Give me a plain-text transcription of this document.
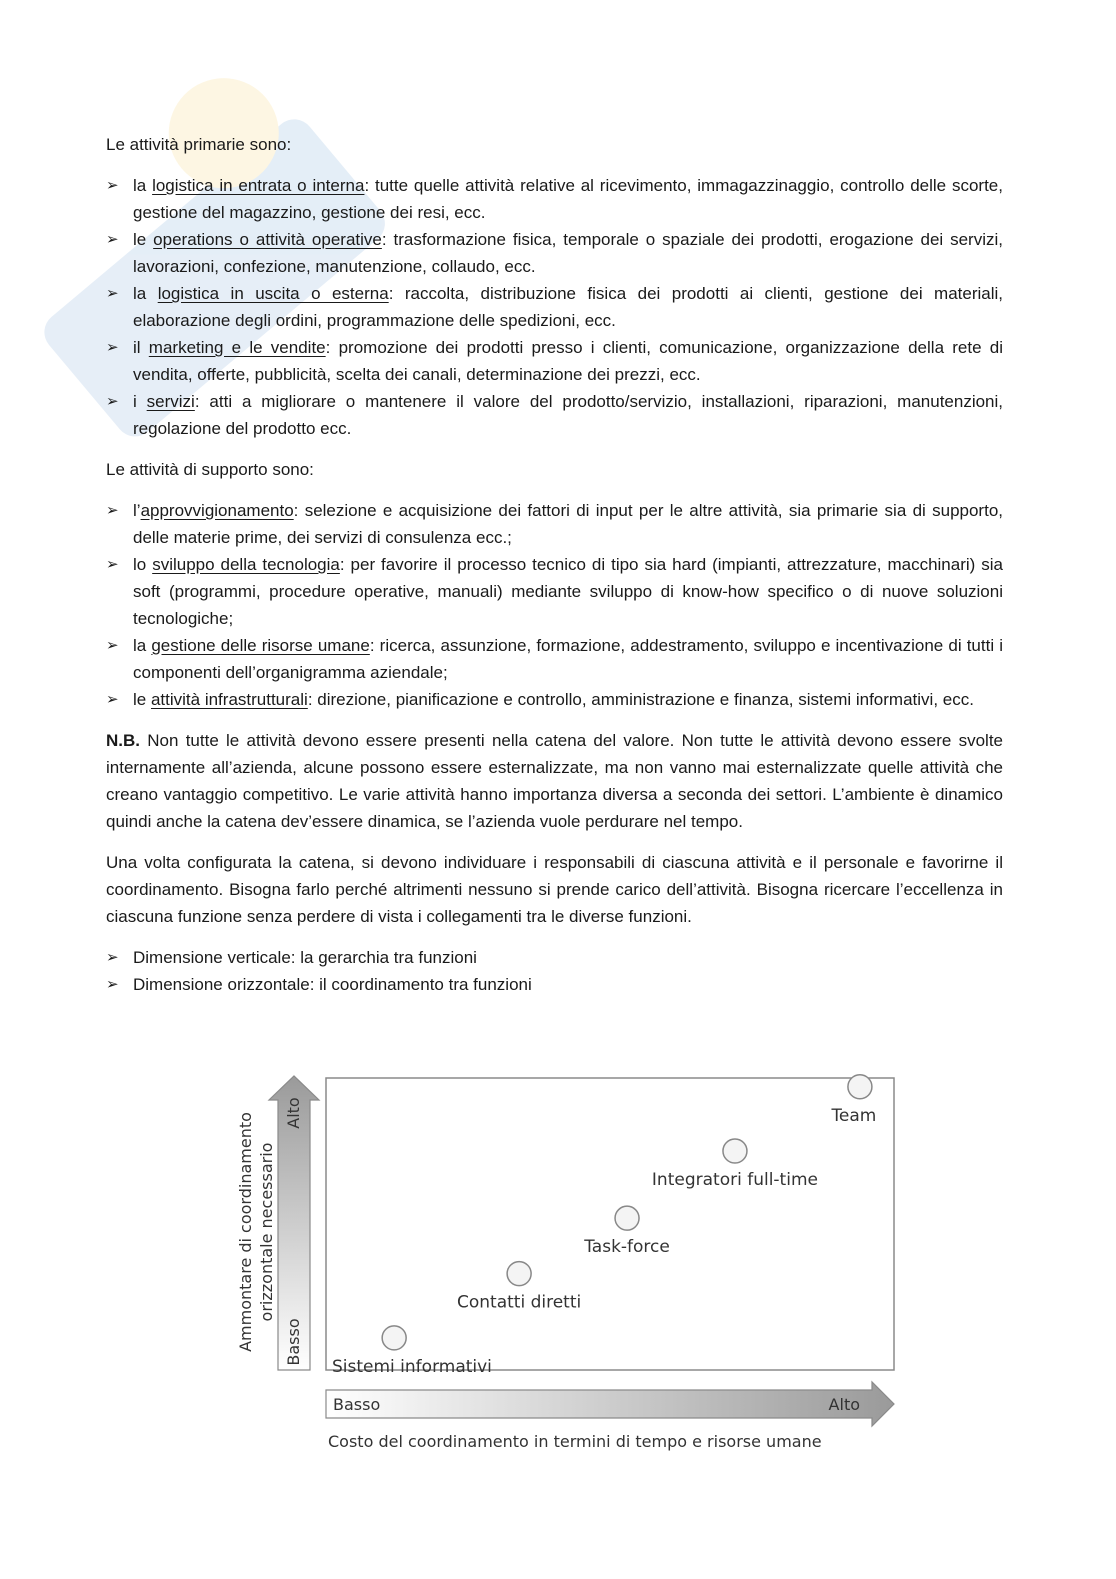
Le attività primarie sono:

➢ la logistica in entrata o interna: tutte quelle attività relative al ricevimento, immagazzinaggio, controllo delle scorte, gestione del magazzino, gestione dei resi, ecc.
➢ le operations o attività operative: trasformazione fisica, temporale o spaziale dei prodotti, erogazione dei servizi, lavorazioni, confezione, manutenzione, collaudo, ecc.
➢ la logistica in uscita o esterna: raccolta, distribuzione fisica dei prodotti ai clienti, gestione dei materiali, elaborazione degli ordini, programmazione delle spedizioni, ecc.
➢ il marketing e le vendite: promozione dei prodotti presso i clienti, comunicazione, organizzazione della rete di vendita, offerte, pubblicità, scelta dei canali, determinazione dei prezzi, ecc.
➢ i servizi: atti a migliorare o mantenere il valore del prodotto/servizio, installazioni, riparazioni, manutenzioni, regolazione del prodotto ecc.

Le attività di supporto sono:

➢ l’approvvigionamento: selezione e acquisizione dei fattori di input per le altre attività, sia primarie sia di supporto, delle materie prime, dei servizi di consulenza ecc.;
➢ lo sviluppo della tecnologia: per favorire il processo tecnico di tipo sia hard (impianti, attrezzature, macchinari) sia soft (programmi, procedure operative, manuali) mediante sviluppo di know-how specifico o di nuove soluzioni tecnologiche;
➢ la gestione delle risorse umane: ricerca, assunzione, formazione, addestramento, sviluppo e incentivazione di tutti i componenti dell’organigramma aziendale;
➢ le attività infrastrutturali: direzione, pianificazione e controllo, amministrazione e finanza, sistemi informativi, ecc.

N.B. Non tutte le attività devono essere presenti nella catena del valore. Non tutte le attività devono essere svolte internamente all’azienda, alcune possono essere esternalizzate, ma non vanno mai esternalizzate quelle attività che creano vantaggio competitivo. Le varie attività hanno importanza diversa a seconda dei settori. L’ambiente è dinamico quindi anche la catena dev’essere dinamica, se l’azienda vuole perdurare nel tempo.

Una volta configurata la catena, si devono individuare i responsabili di ciascuna attività e il personale e favorirne il coordinamento. Bisogna farlo perché altrimenti nessuno si prende carico dell’attività. Bisogna ricercare l’eccellenza in ciascuna funzione senza perdere di vista i collegamenti tra le diverse funzioni.

➢ Dimensione verticale: la gerarchia tra funzioni
➢ Dimensione orizzontale: il coordinamento tra funzioni
Ammontare di coordinamento orizzontale necessario
Basso
Alto
Basso	Alto
Costo del coordinamento in termini di tempo e risorse umane
Sistemi informativi
Contatti diretti
Task-force
Integratori full-time
Team
